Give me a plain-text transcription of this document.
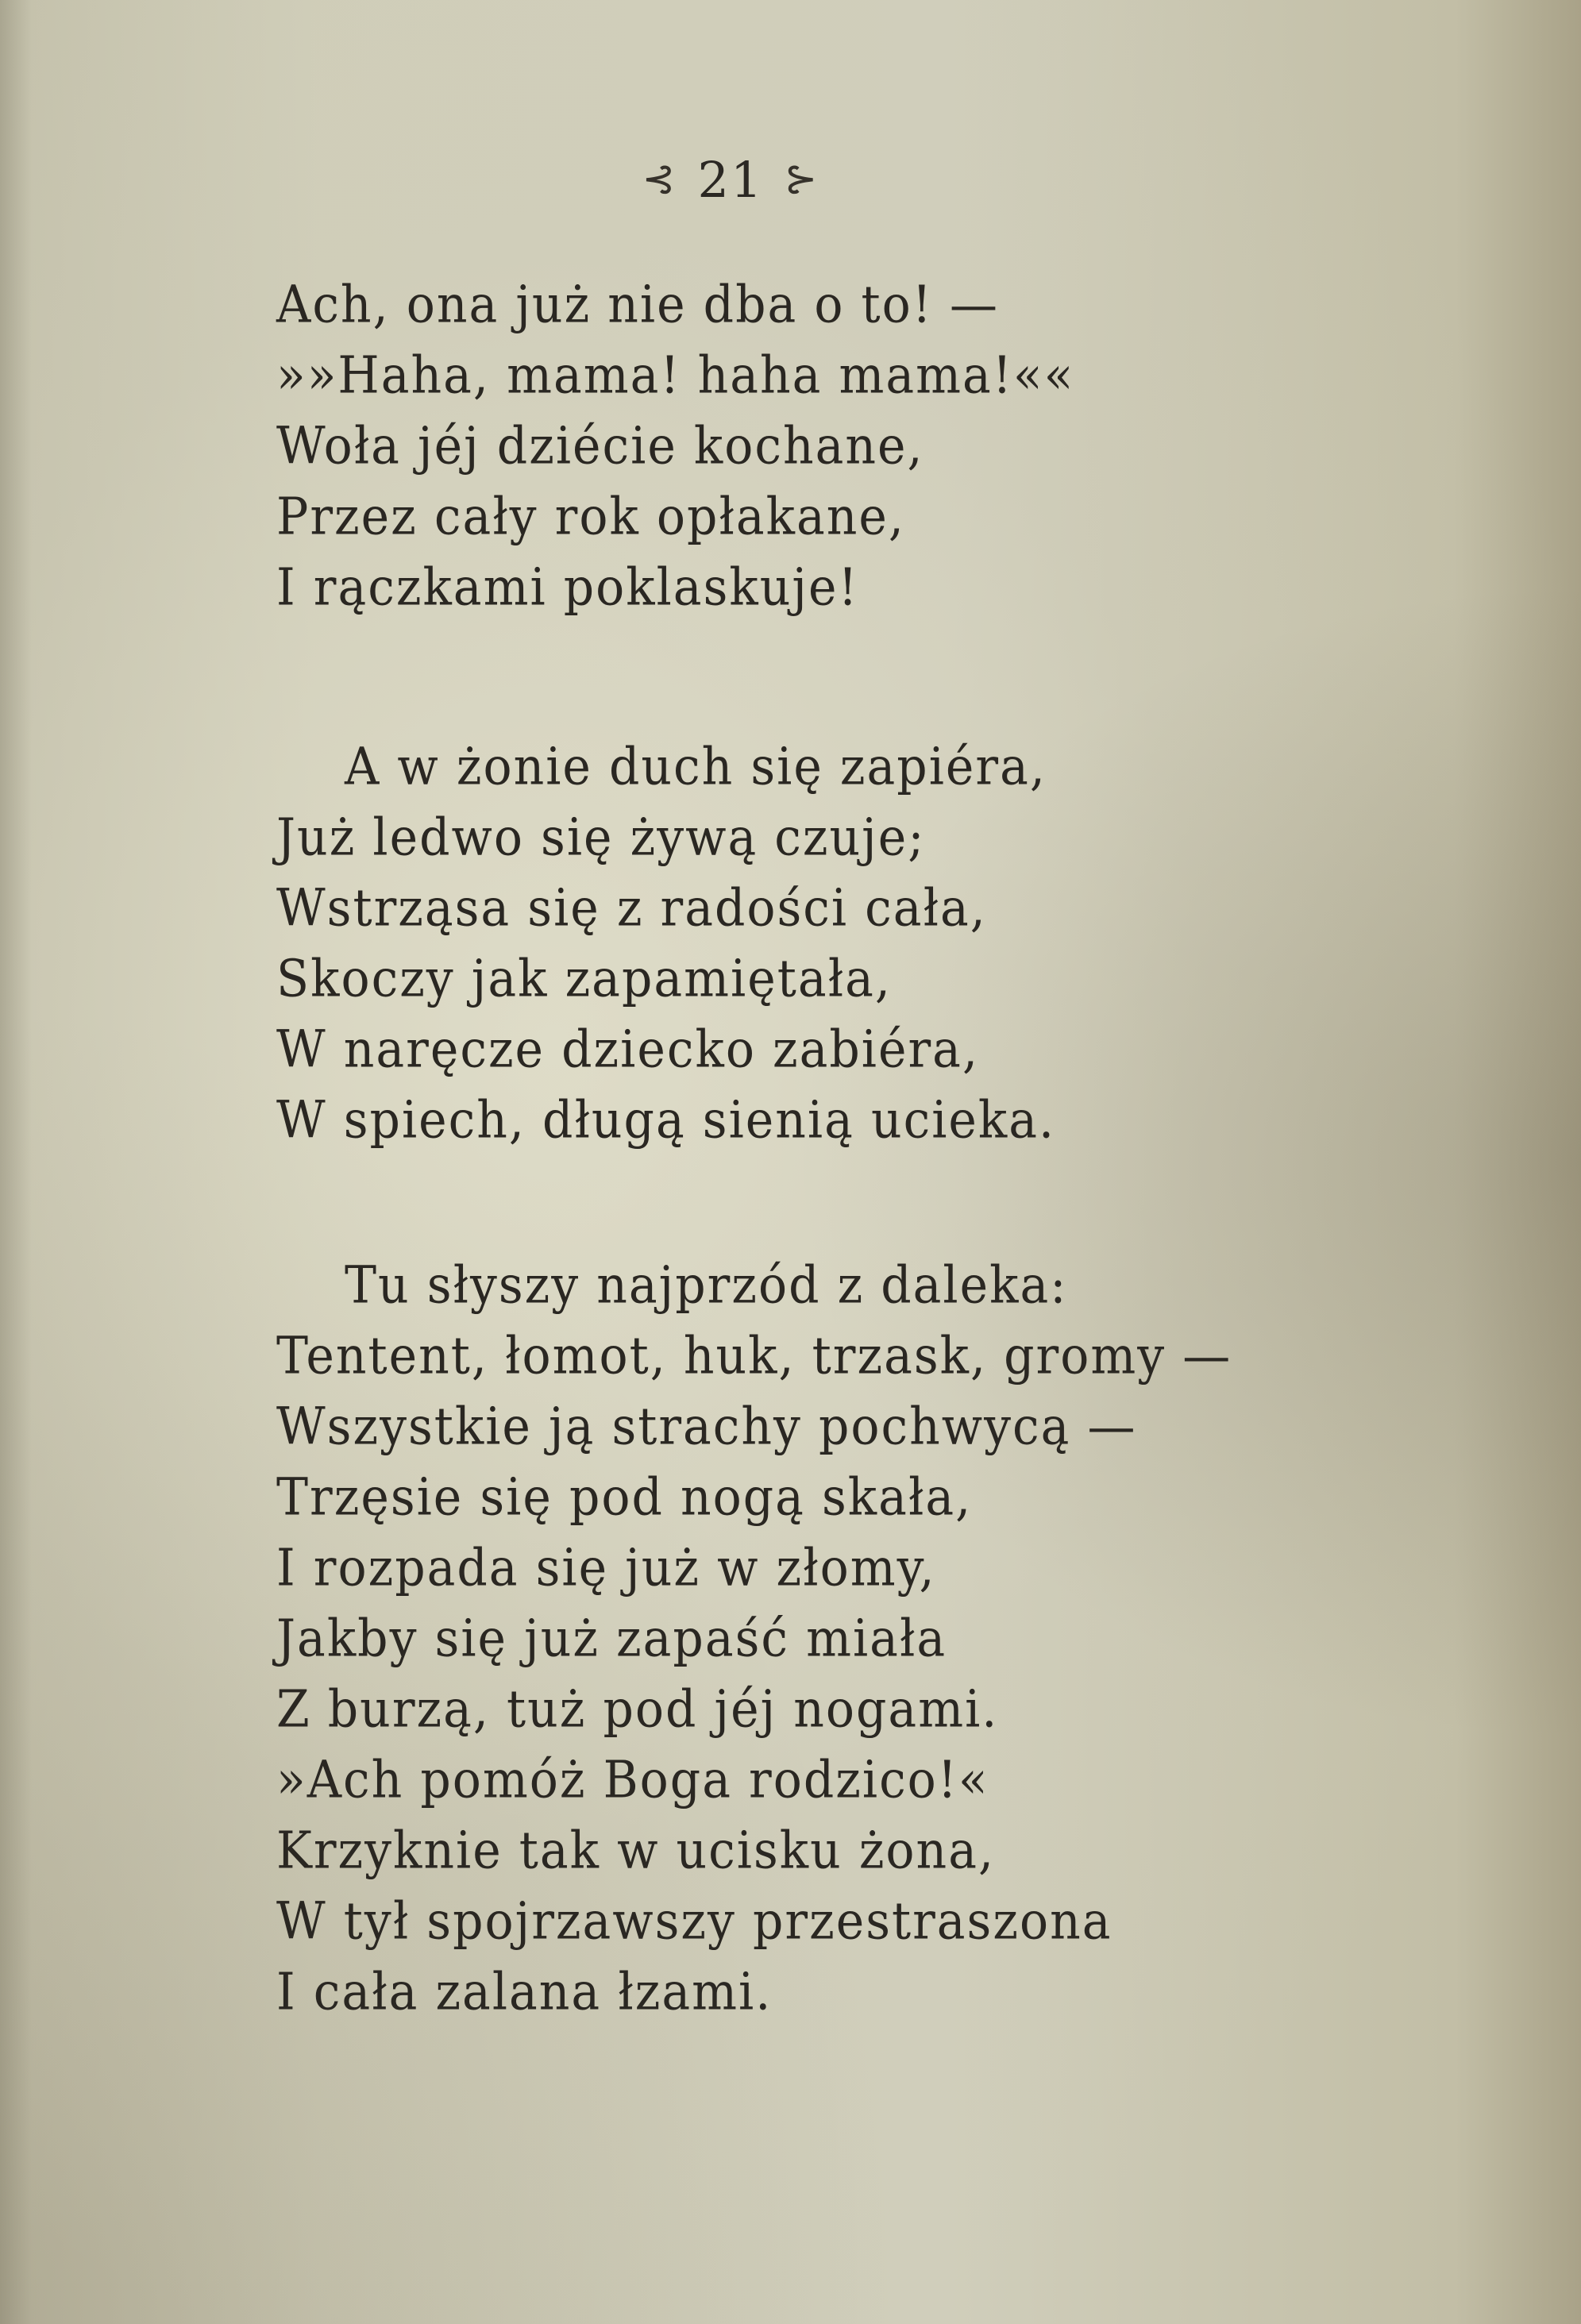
⊰ 21 ⊱
Ach, ona już nie dba o to! —
»»Haha, mama! haha mama!««
Woła jéj dziécie kochane,
Przez cały rok opłakane,
I rączkami poklaskuje!
A w żonie duch się zapiéra,
Już ledwo się żywą czuje;
Wstrząsa się z radości cała,
Skoczy jak zapamiętała,
W naręcze dziecko zabiéra,
W spiech, długą sienią ucieka.
Tu słyszy najprzód z daleka:
Tentent, łomot, huk, trzask, gromy —
Wszystkie ją strachy pochwycą —
Trzęsie się pod nogą skała,
I rozpada się już w złomy,
Jakby się już zapaść miała
Z burzą, tuż pod jéj nogami.
»Ach pomóż Boga rodzico!«
Krzyknie tak w ucisku żona,
W tył spojrzawszy przestraszona
I cała zalana łzami.
